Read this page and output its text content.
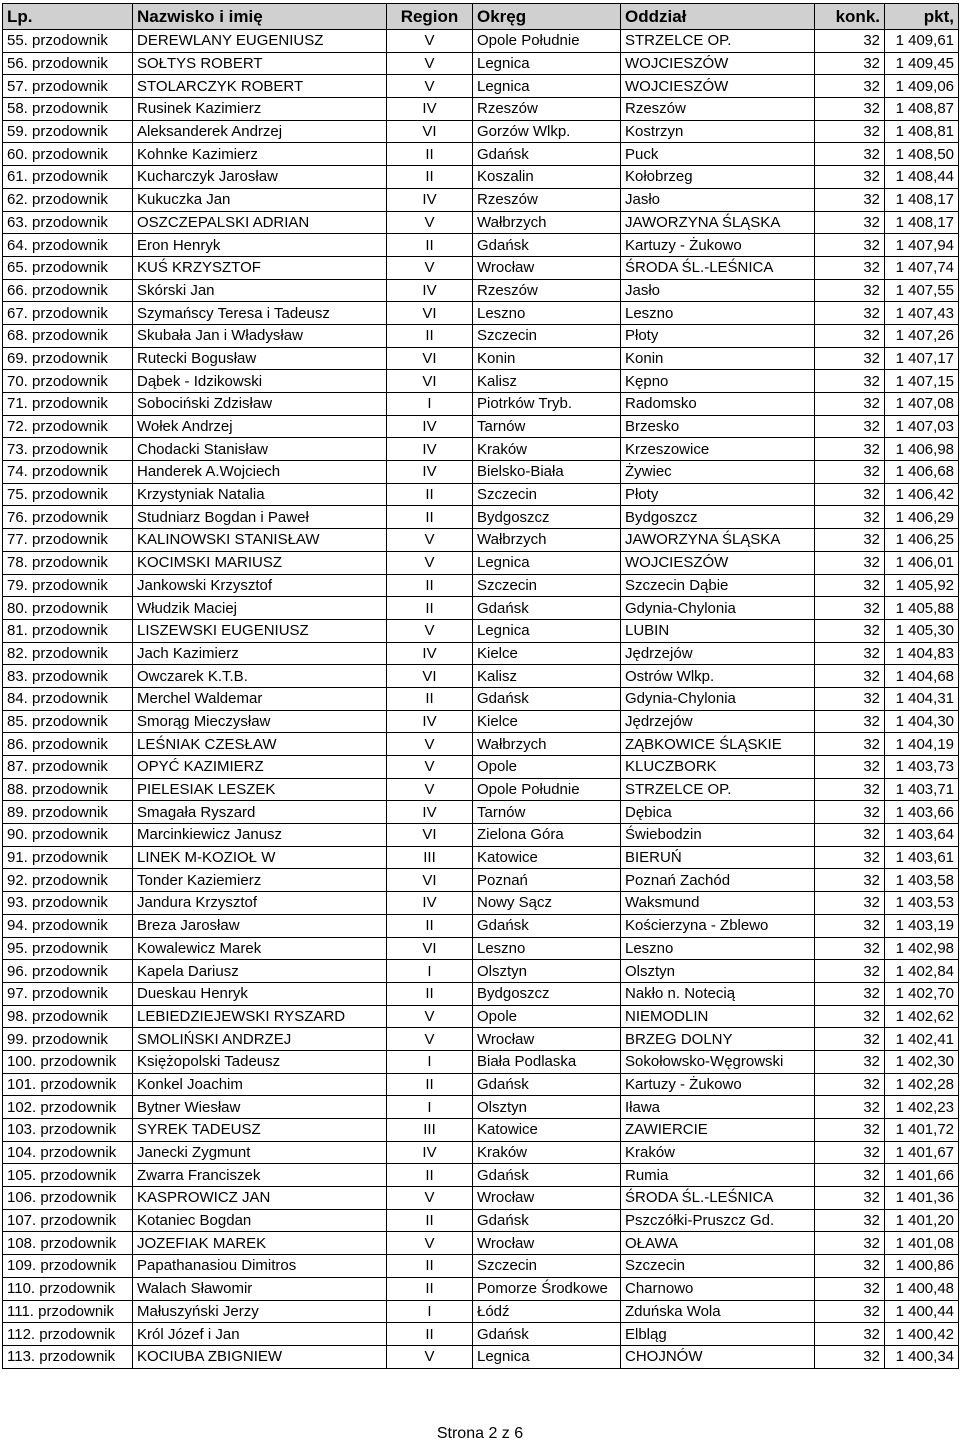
Lp.	Nazwisko i imię	Region	Okręg	Oddział	konk.	pkt,
55. przodownik	DEREWLANY EUGENIUSZ	V	Opole Południe	STRZELCE OP.	32	1 409,61
56. przodownik	SOŁTYS ROBERT	V	Legnica	WOJCIESZÓW	32	1 409,45
57. przodownik	STOLARCZYK ROBERT	V	Legnica	WOJCIESZÓW	32	1 409,06
58. przodownik	Rusinek Kazimierz	IV	Rzeszów	Rzeszów	32	1 408,87
59. przodownik	Aleksanderek Andrzej	VI	Gorzów Wlkp.	Kostrzyn	32	1 408,81
60. przodownik	Kohnke Kazimierz	II	Gdańsk	Puck	32	1 408,50
61. przodownik	Kucharczyk Jarosław	II	Koszalin	Kołobrzeg	32	1 408,44
62. przodownik	Kukuczka Jan	IV	Rzeszów	Jasło	32	1 408,17
63. przodownik	OSZCZEPALSKI ADRIAN	V	Wałbrzych	JAWORZYNA ŚLĄSKA	32	1 408,17
64. przodownik	Eron Henryk	II	Gdańsk	Kartuzy - Żukowo	32	1 407,94
65. przodownik	KUŚ KRZYSZTOF	V	Wrocław	ŚRODA ŚL.-LEŚNICA	32	1 407,74
66. przodownik	Skórski Jan	IV	Rzeszów	Jasło	32	1 407,55
67. przodownik	Szymańscy Teresa i Tadeusz	VI	Leszno	Leszno	32	1 407,43
68. przodownik	Skubała Jan i Władysław	II	Szczecin	Płoty	32	1 407,26
69. przodownik	Rutecki Bogusław	VI	Konin	Konin	32	1 407,17
70. przodownik	Dąbek - Idzikowski	VI	Kalisz	Kępno	32	1 407,15
71. przodownik	Sobociński Zdzisław	I	Piotrków Tryb.	Radomsko	32	1 407,08
72. przodownik	Wołek Andrzej	IV	Tarnów	Brzesko	32	1 407,03
73. przodownik	Chodacki Stanisław	IV	Kraków	Krzeszowice	32	1 406,98
74. przodownik	Handerek A.Wojciech	IV	Bielsko-Biała	Żywiec	32	1 406,68
75. przodownik	Krzystyniak Natalia	II	Szczecin	Płoty	32	1 406,42
76. przodownik	Studniarz Bogdan i Paweł	II	Bydgoszcz	Bydgoszcz	32	1 406,29
77. przodownik	KALINOWSKI STANISŁAW	V	Wałbrzych	JAWORZYNA ŚLĄSKA	32	1 406,25
78. przodownik	KOCIMSKI MARIUSZ	V	Legnica	WOJCIESZÓW	32	1 406,01
79. przodownik	Jankowski Krzysztof	II	Szczecin	Szczecin Dąbie	32	1 405,92
80. przodownik	Włudzik Maciej	II	Gdańsk	Gdynia-Chylonia	32	1 405,88
81. przodownik	LISZEWSKI EUGENIUSZ	V	Legnica	LUBIN	32	1 405,30
82. przodownik	Jach Kazimierz	IV	Kielce	Jędrzejów	32	1 404,83
83. przodownik	Owczarek K.T.B.	VI	Kalisz	Ostrów Wlkp.	32	1 404,68
84. przodownik	Merchel Waldemar	II	Gdańsk	Gdynia-Chylonia	32	1 404,31
85. przodownik	Smorąg Mieczysław	IV	Kielce	Jędrzejów	32	1 404,30
86. przodownik	LEŚNIAK CZESŁAW	V	Wałbrzych	ZĄBKOWICE ŚLĄSKIE	32	1 404,19
87. przodownik	OPYĆ KAZIMIERZ	V	Opole	KLUCZBORK	32	1 403,73
88. przodownik	PIELESIAK LESZEK	V	Opole Południe	STRZELCE OP.	32	1 403,71
89. przodownik	Smagała Ryszard	IV	Tarnów	Dębica	32	1 403,66
90. przodownik	Marcinkiewicz Janusz	VI	Zielona Góra	Świebodzin	32	1 403,64
91. przodownik	LINEK M-KOZIOŁ W	III	Katowice	BIERUŃ	32	1 403,61
92. przodownik	Tonder Kaziemierz	VI	Poznań	Poznań Zachód	32	1 403,58
93. przodownik	Jandura Krzysztof	IV	Nowy Sącz	Waksmund	32	1 403,53
94. przodownik	Breza Jarosław	II	Gdańsk	Kościerzyna - Zblewo	32	1 403,19
95. przodownik	Kowalewicz Marek	VI	Leszno	Leszno	32	1 402,98
96. przodownik	Kapela Dariusz	I	Olsztyn	Olsztyn	32	1 402,84
97. przodownik	Dueskau Henryk	II	Bydgoszcz	Nakło n. Notecią	32	1 402,70
98. przodownik	LEBIEDZIEJEWSKI RYSZARD	V	Opole	NIEMODLIN	32	1 402,62
99. przodownik	SMOLIŃSKI ANDRZEJ	V	Wrocław	BRZEG DOLNY	32	1 402,41
100. przodownik	Księżopolski Tadeusz	I	Biała Podlaska	Sokołowsko-Węgrowski	32	1 402,30
101. przodownik	Konkel Joachim	II	Gdańsk	Kartuzy - Żukowo	32	1 402,28
102. przodownik	Bytner Wiesław	I	Olsztyn	Iława	32	1 402,23
103. przodownik	SYREK TADEUSZ	III	Katowice	ZAWIERCIE	32	1 401,72
104. przodownik	Janecki Zygmunt	IV	Kraków	Kraków	32	1 401,67
105. przodownik	Zwarra Franciszek	II	Gdańsk	Rumia	32	1 401,66
106. przodownik	KASPROWICZ JAN	V	Wrocław	ŚRODA ŚL.-LEŚNICA	32	1 401,36
107. przodownik	Kotaniec Bogdan	II	Gdańsk	Pszczółki-Pruszcz Gd.	32	1 401,20
108. przodownik	JOZEFIAK MAREK	V	Wrocław	OŁAWA	32	1 401,08
109. przodownik	Papathanasiou Dimitros	II	Szczecin	Szczecin	32	1 400,86
110. przodownik	Walach Sławomir	II	Pomorze Środkowe	Charnowo	32	1 400,48
111. przodownik	Małuszyński Jerzy	I	Łódź	Zduńska Wola	32	1 400,44
112. przodownik	Król Józef i Jan	II	Gdańsk	Elbląg	32	1 400,42
113. przodownik	KOCIUBA ZBIGNIEW	V	Legnica	CHOJNÓW	32	1 400,34
Strona 2 z 6
